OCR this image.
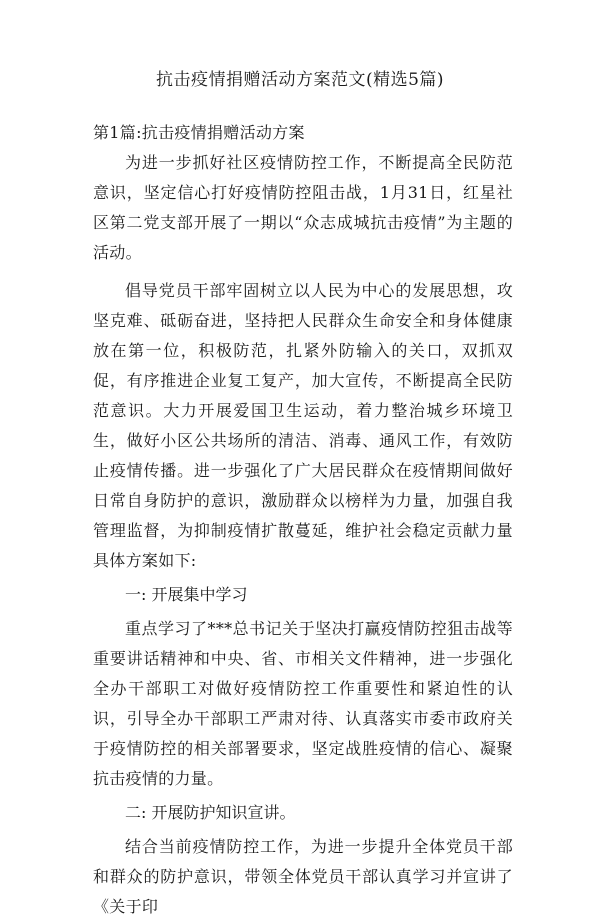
抗击疫情捐赠活动方案范文(精选5篇)

第1篇:抗击疫情捐赠活动方案

为进一步抓好社区疫情防控工作，不断提高全民防范意识，坚定信心打好疫情防控阻击战，1月31日，红星社区第二党支部开展了一期以“众志成城抗击疫情”为主题的活动。

倡导党员干部牢固树立以人民为中心的发展思想，攻坚克难、砥砺奋进，坚持把人民群众生命安全和身体健康放在第一位，积极防范，扎紧外防输入的关口，双抓双促，有序推进企业复工复产，加大宣传，不断提高全民防范意识。大力开展爱国卫生运动，着力整治城乡环境卫生，做好小区公共场所的清洁、消毒、通风工作，有效防止疫情传播。进一步强化了广大居民群众在疫情期间做好日常自身防护的意识，激励群众以榜样为力量，加强自我管理监督，为抑制疫情扩散蔓延，维护社会稳定贡献力量具体方案如下:

一: 开展集中学习

重点学习了***总书记关于坚决打赢疫情防控狙击战等重要讲话精神和中央、省、市相关文件精神，进一步强化全办干部职工对做好疫情防控工作重要性和紧迫性的认识，引导全办干部职工严肃对待、认真落实市委市政府关于疫情防控的相关部署要求，坚定战胜疫情的信心、凝聚抗击疫情的力量。

二: 开展防护知识宣讲。

结合当前疫情防控工作，为进一步提升全体党员干部和群众的防护意识，带领全体党员干部认真学习并宣讲了《关于印
